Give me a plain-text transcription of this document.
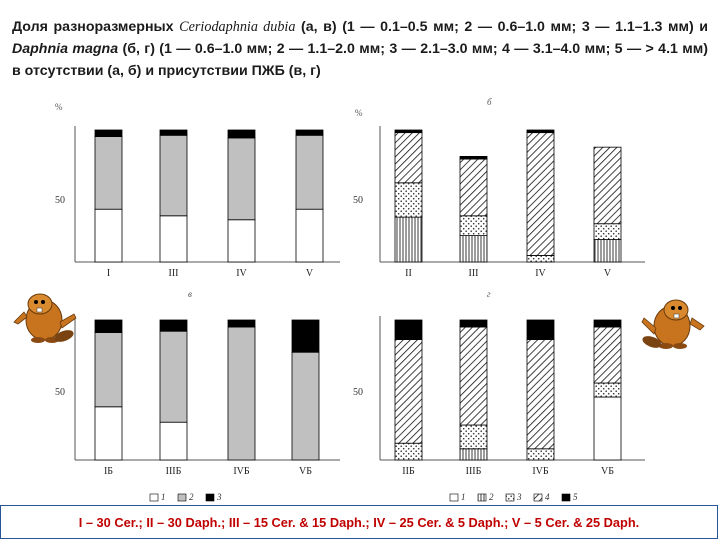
Доля разноразмерных Ceriodaphnia dubia (а, в) (1 — 0.1–0.5 мм; 2 — 0.6–1.0 мм; 3 — 1.1–1.3 мм) и Daphnia magna (б, г) (1 — 0.6–1.0 мм; 2 — 1.1–2.0 мм; 3 — 2.1–3.0 мм; 4 — 3.1–4.0 мм; 5 — > 4.1 мм) в отсутствии (а, б) и присутствии ПЖБ (в, г)
50
%
I	III	IV	V
50
%
б
II	III	IV	V
50
в
IБ	IIIБ	IVБ	VБ
50
г
IIБ	IIIБ	IVБ	VБ
1	2	3	1	2	3	4	5
I – 30 Cer.; II – 30 Daph.; III – 15 Cer. & 15 Daph.; IV – 25 Cer. & 5 Daph.; V – 5 Cer. & 25 Daph.
